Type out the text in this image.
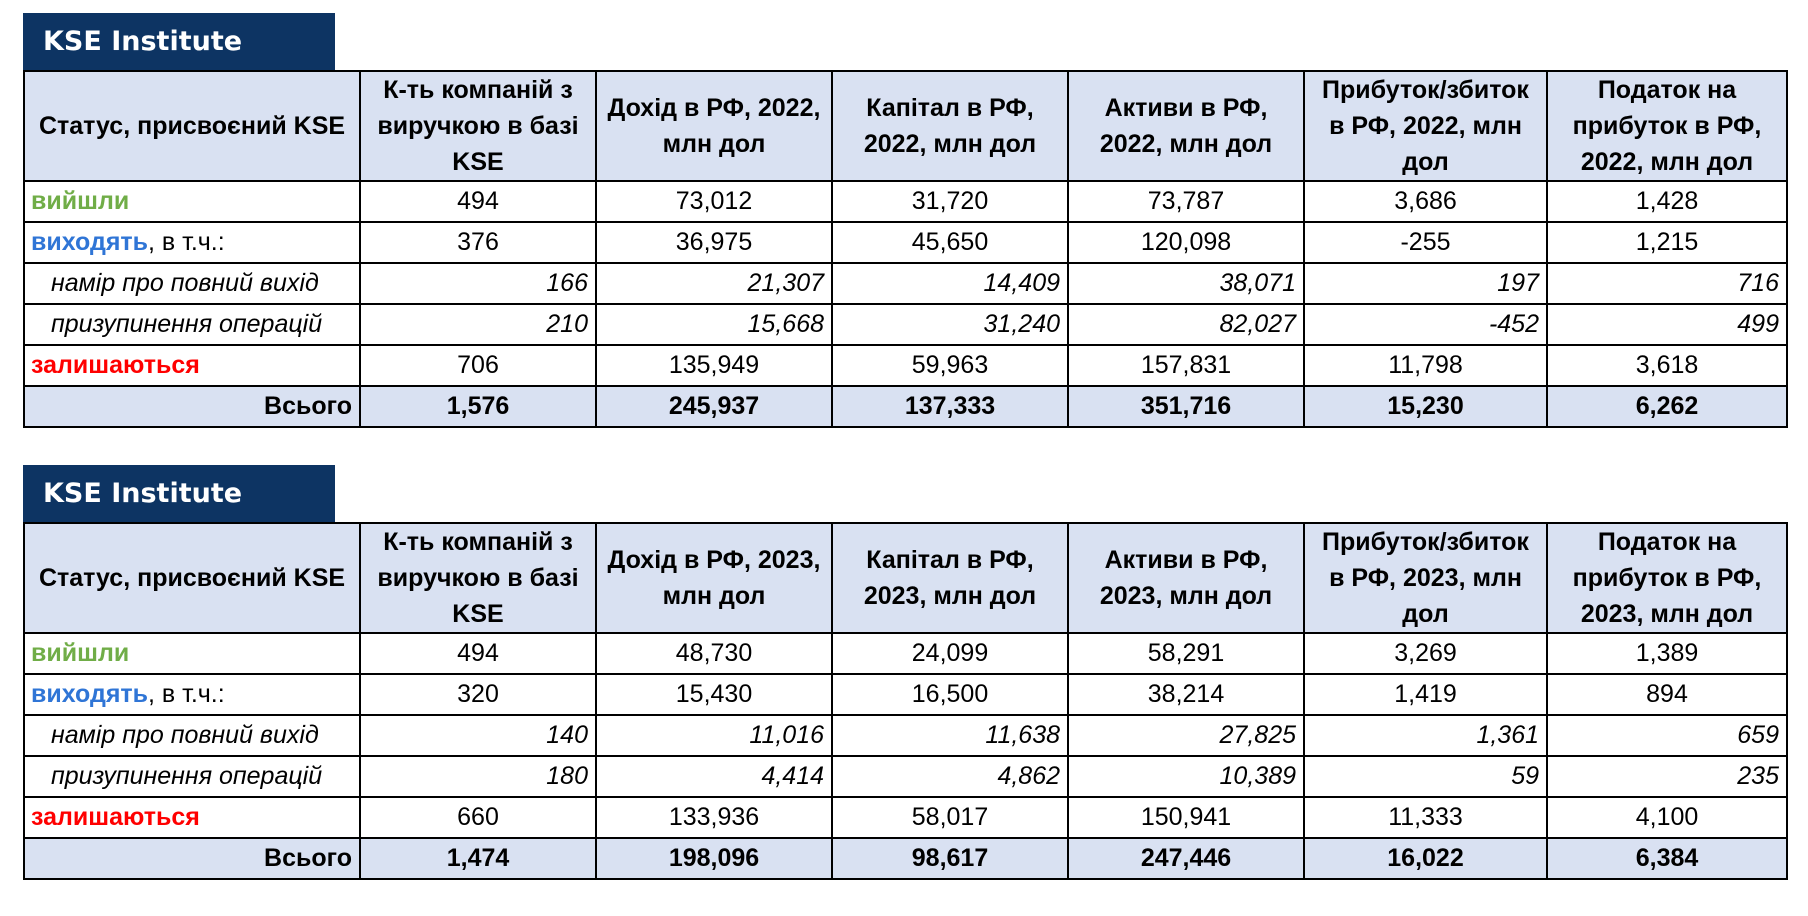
KSE Institute
Статус, присвоєний KSE	К-ть компаній з виручкою в базі KSE	Дохід в РФ, 2022, млн дол	Капітал в РФ, 2022, млн дол	Активи в РФ, 2022, млн дол	Прибуток/збиток в РФ, 2022, млн дол	Податок на прибуток в РФ, 2022, млн дол
вийшли	494	73,012	31,720	73,787	3,686	1,428
виходять, в т.ч.:	376	36,975	45,650	120,098	-255	1,215
намір про повний вихід	166	21,307	14,409	38,071	197	716
призупинення операцій	210	15,668	31,240	82,027	-452	499
залишаються	706	135,949	59,963	157,831	11,798	3,618
Всього	1,576	245,937	137,333	351,716	15,230	6,262
KSE Institute
Статус, присвоєний KSE	К-ть компаній з виручкою в базі KSE	Дохід в РФ, 2023, млн дол	Капітал в РФ, 2023, млн дол	Активи в РФ, 2023, млн дол	Прибуток/збиток в РФ, 2023, млн дол	Податок на прибуток в РФ, 2023, млн дол
вийшли	494	48,730	24,099	58,291	3,269	1,389
виходять, в т.ч.:	320	15,430	16,500	38,214	1,419	894
намір про повний вихід	140	11,016	11,638	27,825	1,361	659
призупинення операцій	180	4,414	4,862	10,389	59	235
залишаються	660	133,936	58,017	150,941	11,333	4,100
Всього	1,474	198,096	98,617	247,446	16,022	6,384
